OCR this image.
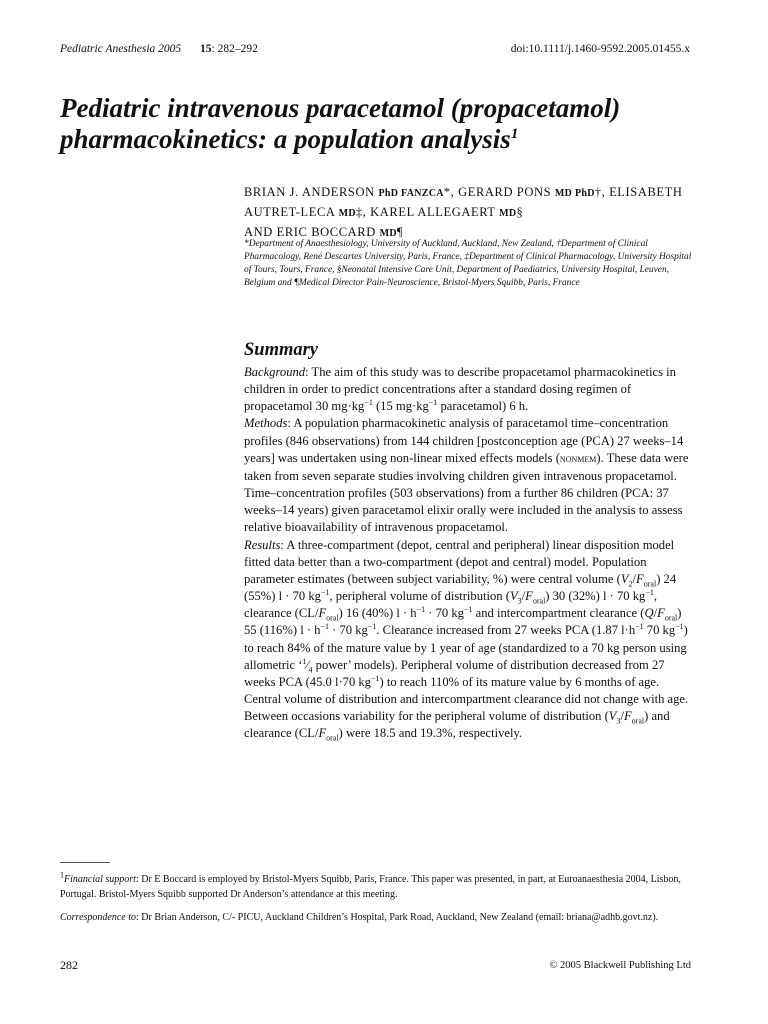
Pediatric Anesthesia 2005 15: 282–292	doi:10.1111/j.1460-9592.2005.01455.x
Pediatric intravenous paracetamol (propacetamol) pharmacokinetics: a population analysis$^1$
BRIAN J. ANDERSON PhD FANZCA*, GERARD PONS MD PhD†, ELISABETH AUTRET-LECA MD‡, KAREL ALLEGAERT MD§
AND ERIC BOCCARD MD¶
*Department of Anaesthesiology, University of Auckland, Auckland, New Zealand, †Department of Clinical Pharmacology, René Descartes University, Paris, France, ‡Department of Clinical Pharmacology, University Hospital of Tours, Tours, France, §Neonatal Intensive Care Unit, Department of Paediatrics, University Hospital, Leuven, Belgium and ¶Medical Director Pain-Neuroscience, Bristol-Myers Squibb, Paris, France
Summary

Background: The aim of this study was to describe propacetamol pharmacokinetics in children in order to predict concentrations after a standard dosing regimen of propacetamol 30 $mg\cdot kg^{-1}$ (15 $mg\cdot kg^{-1}$ paracetamol) 6 h.

Methods: A population pharmacokinetic analysis of paracetamol time–concentration profiles (846 observations) from 144 children [postconception age (PCA) 27 weeks–14 years] was undertaken using non-linear mixed effects models (nonmem). These data were taken from seven separate studies involving children given intravenous propacetamol. Time–concentration profiles (503 observations) from a further 86 children (PCA: 37 weeks–14 years) given paracetamol elixir orally were included in the analysis to assess relative bioavailability of intravenous propacetamol.

Results: A three-compartment (depot, central and peripheral) linear disposition model fitted data better than a two-compartment (depot and central) model. Population parameter estimates (between subject variability, %) were central volume $(V_2/F_{oral})$ 24 (55%) l · 70 $kg^{-1}$, peripheral volume of distribution $(V_3/F_{oral})$ 30 (32%) l · 70 $kg^{-1}$, clearance $(CL/F_{oral})$ 16 (40%) $l \cdot h^{-1} \cdot 70$ $kg^{-1}$ and intercompartment clearance $(Q/F_{oral})$ 55 (116%) $l \cdot h^{-1} \cdot 70$ $kg^{-1}$. Clearance increased from 27 weeks PCA (1.87 $l\cdot h^{-1}$ 70 $kg^{-1}$) to reach 84% of the mature value by 1 year of age (standardized to a 70 kg person using allometric ‘$^1⁄_4$ power’ models). Peripheral volume of distribution decreased from 27 weeks PCA (45.0 l·70 $kg^{-1}$) to reach 110% of its mature value by 6 months of age. Central volume of distribution and intercompartment clearance did not change with age. Between occasions variability for the peripheral volume of distribution $(V_3/F_{oral})$ and clearance $(CL/F_{oral})$ were 18.5 and 19.3%, respectively.

$^1$Financial support: Dr E Boccard is employed by Bristol-Myers Squibb, Paris, France. This paper was presented, in part, at Euroanaesthesia 2004, Lisbon, Portugal. Bristol-Myers Squibb supported Dr Anderson’s attendance at this meeting.
Correspondence to: Dr Brian Anderson, C/- PICU, Auckland Children’s Hospital, Park Road, Auckland, New Zealand (email: briana@adhb.govt.nz).
282	© 2005 Blackwell Publishing Ltd
